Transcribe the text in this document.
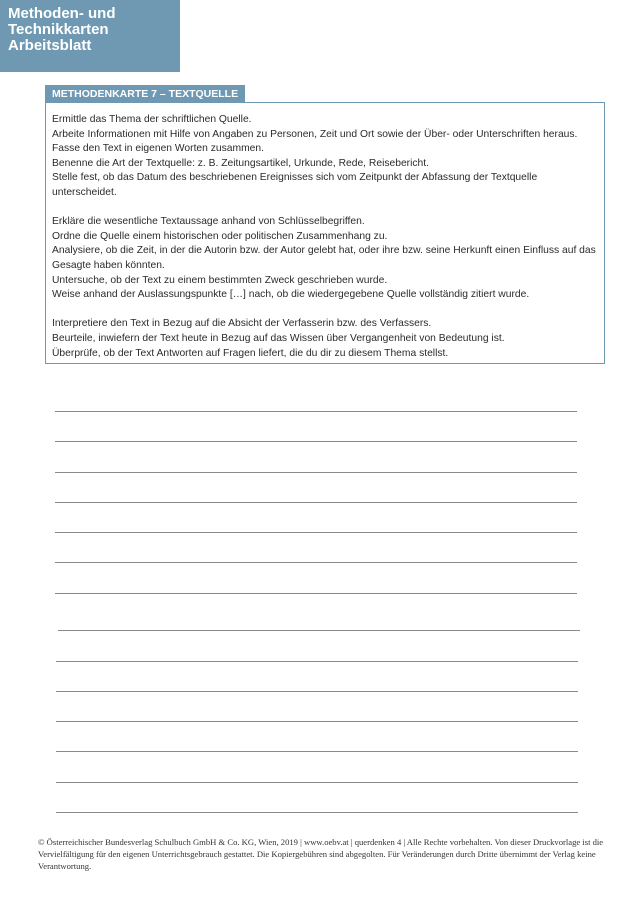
Methoden- und
Technikkarten
Arbeitsblatt
METHODENKARTE 7 – TEXTQUELLE

Ermittle das Thema der schriftlichen Quelle.
Arbeite Informationen mit Hilfe von Angaben zu Personen, Zeit und Ort sowie der Über- oder Unterschriften heraus.
Fasse den Text in eigenen Worten zusammen.
Benenne die Art der Textquelle: z. B. Zeitungsartikel, Urkunde, Rede, Reisebericht.
Stelle fest, ob das Datum des beschriebenen Ereignisses sich vom Zeitpunkt der Abfassung der Textquelle unterscheidet.

Erkläre die wesentliche Textaussage anhand von Schlüsselbegriffen.
Ordne die Quelle einem historischen oder politischen Zusammenhang zu.
Analysiere, ob die Zeit, in der die Autorin bzw. der Autor gelebt hat, oder ihre bzw. seine Herkunft einen Einfluss auf das Gesagte haben könnten.
Untersuche, ob der Text zu einem bestimmten Zweck geschrieben wurde.
Weise anhand der Auslassungspunkte […] nach, ob die wiedergegebene Quelle vollständig zitiert wurde.

Interpretiere den Text in Bezug auf die Absicht der Verfasserin bzw. des Verfassers.
Beurteile, inwiefern der Text heute in Bezug auf das Wissen über Vergangenheit von Bedeutung ist.
Überprüfe, ob der Text Antworten auf Fragen liefert, die du dir zu diesem Thema stellst.

© Österreichischer Bundesverlag Schulbuch GmbH & Co. KG, Wien, 2019 | www.oebv.at | querdenken 4 | Alle Rechte vorbehalten. Von dieser Druckvorlage ist die Vervielfältigung für den eigenen Unterrichtsgebrauch gestattet. Die Kopiergebühren sind abgegolten. Für Veränderungen durch Dritte übernimmt der Verlag keine Verantwortung.
